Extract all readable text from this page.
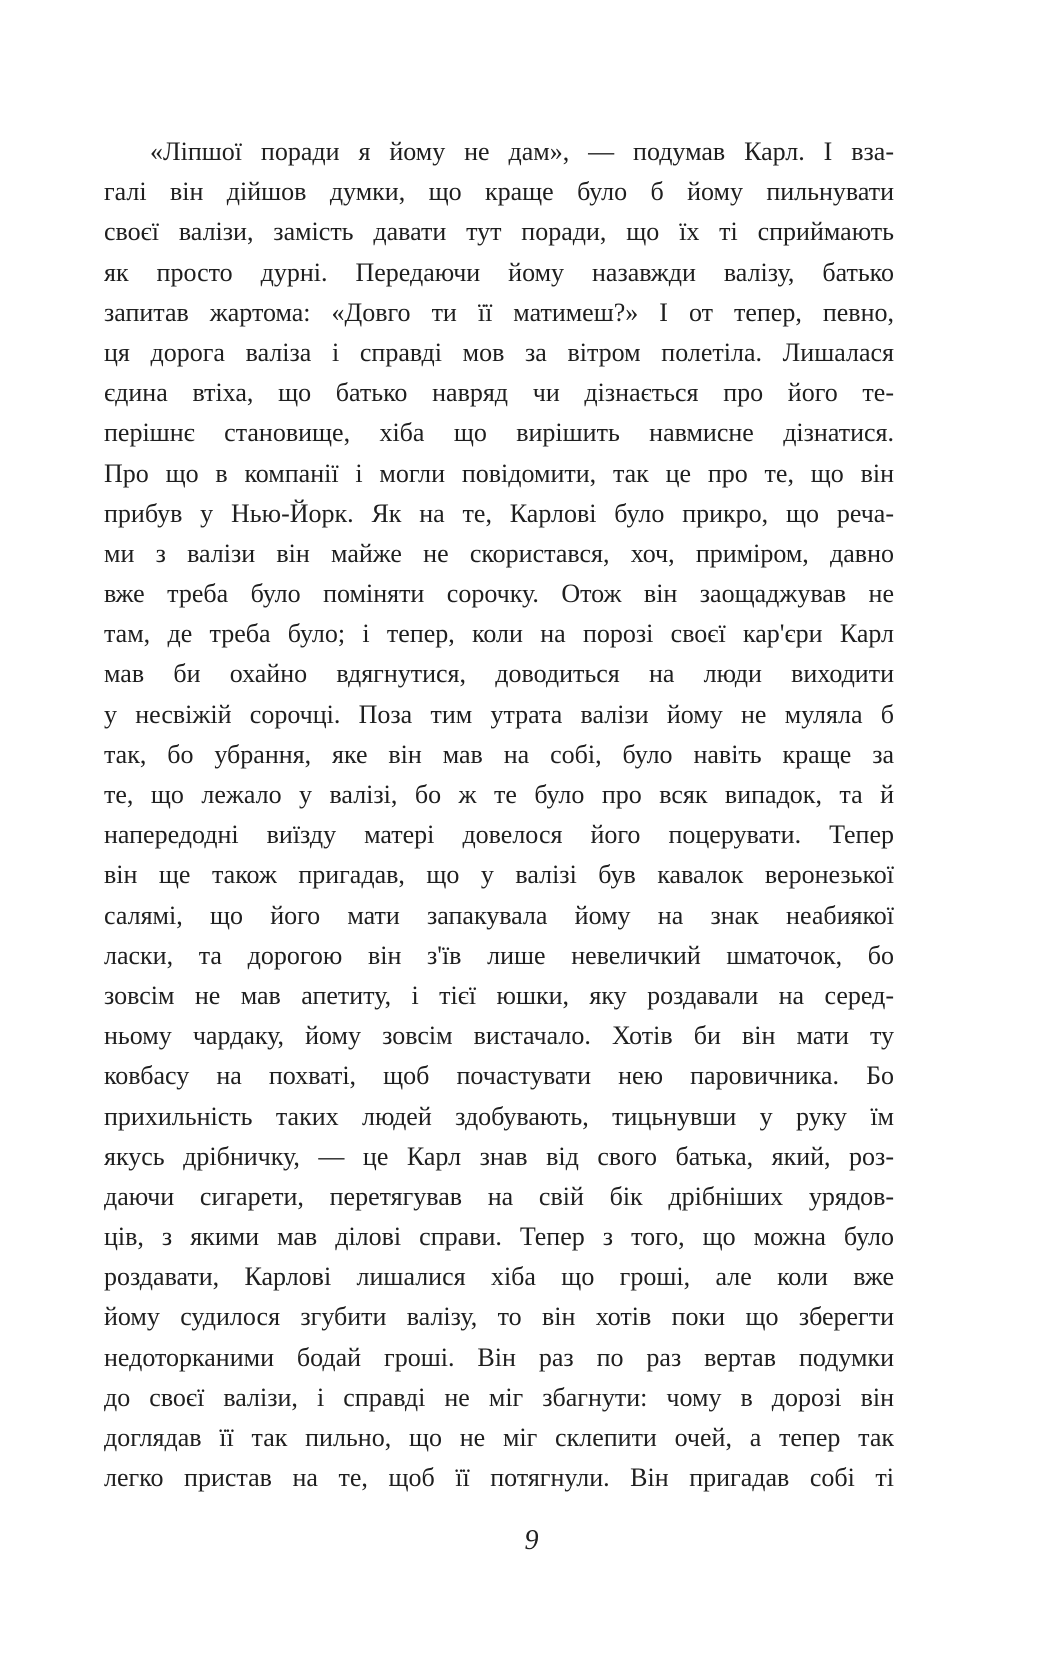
«Ліпшої поради я йому не дам», — подумав Карл. І вза-
галі він дійшов думки, що краще було б йому пильнувати
своєї валізи, замість давати тут поради, що їх ті сприймають
як просто дурні. Передаючи йому назавжди валізу, батько
запитав жартома: «Довго ти її матимеш?» І от тепер, певно,
ця дорога валіза і справді мов за вітром полетіла. Лишалася
єдина втіха, що батько навряд чи дізнається про його те-
перішнє становище, хіба що вирішить навмисне дізнатися.
Про що в компанії і могли повідомити, так це про те, що він
прибув у Нью-Йорк. Як на те, Карлові було прикро, що реча-
ми з валізи він майже не скористався, хоч, приміром, давно
вже треба було поміняти сорочку. Отож він заощаджував не
там, де треба було; і тепер, коли на порозі своєї кар'єри Карл
мав би охайно вдягнутися, доводиться на люди виходити
у несвіжій сорочці. Поза тим утрата валізи йому не муляла б
так, бо убрання, яке він мав на собі, було навіть краще за
те, що лежало у валізі, бо ж те було про всяк випадок, та й
напередодні виїзду матері довелося його поцерувати. Тепер
він ще також пригадав, що у валізі був кавалок веронезької
салямі, що його мати запакувала йому на знак неабиякої
ласки, та дорогою він з'їв лише невеличкий шматочок, бо
зовсім не мав апетиту, і тієї юшки, яку роздавали на серед-
ньому чардаку, йому зовсім вистачало. Хотів би він мати ту
ковбасу на похваті, щоб почастувати нею паровичника. Бо
прихильність таких людей здобувають, тицьнувши у руку їм
якусь дрібничку, — це Карл знав від свого батька, який, роз-
даючи сигарети, перетягував на свій бік дрібніших урядов-
ців, з якими мав ділові справи. Тепер з того, що можна було
роздавати, Карлові лишалися хіба що гроші, але коли вже
йому судилося згубити валізу, то він хотів поки що зберегти
недоторканими бодай гроші. Він раз по раз вертав подумки
до своєї валізи, і справді не міг збагнути: чому в дорозі він
доглядав її так пильно, що не міг склепити очей, а тепер так
легко пристав на те, щоб її потягнули. Він пригадав собі ті
9
